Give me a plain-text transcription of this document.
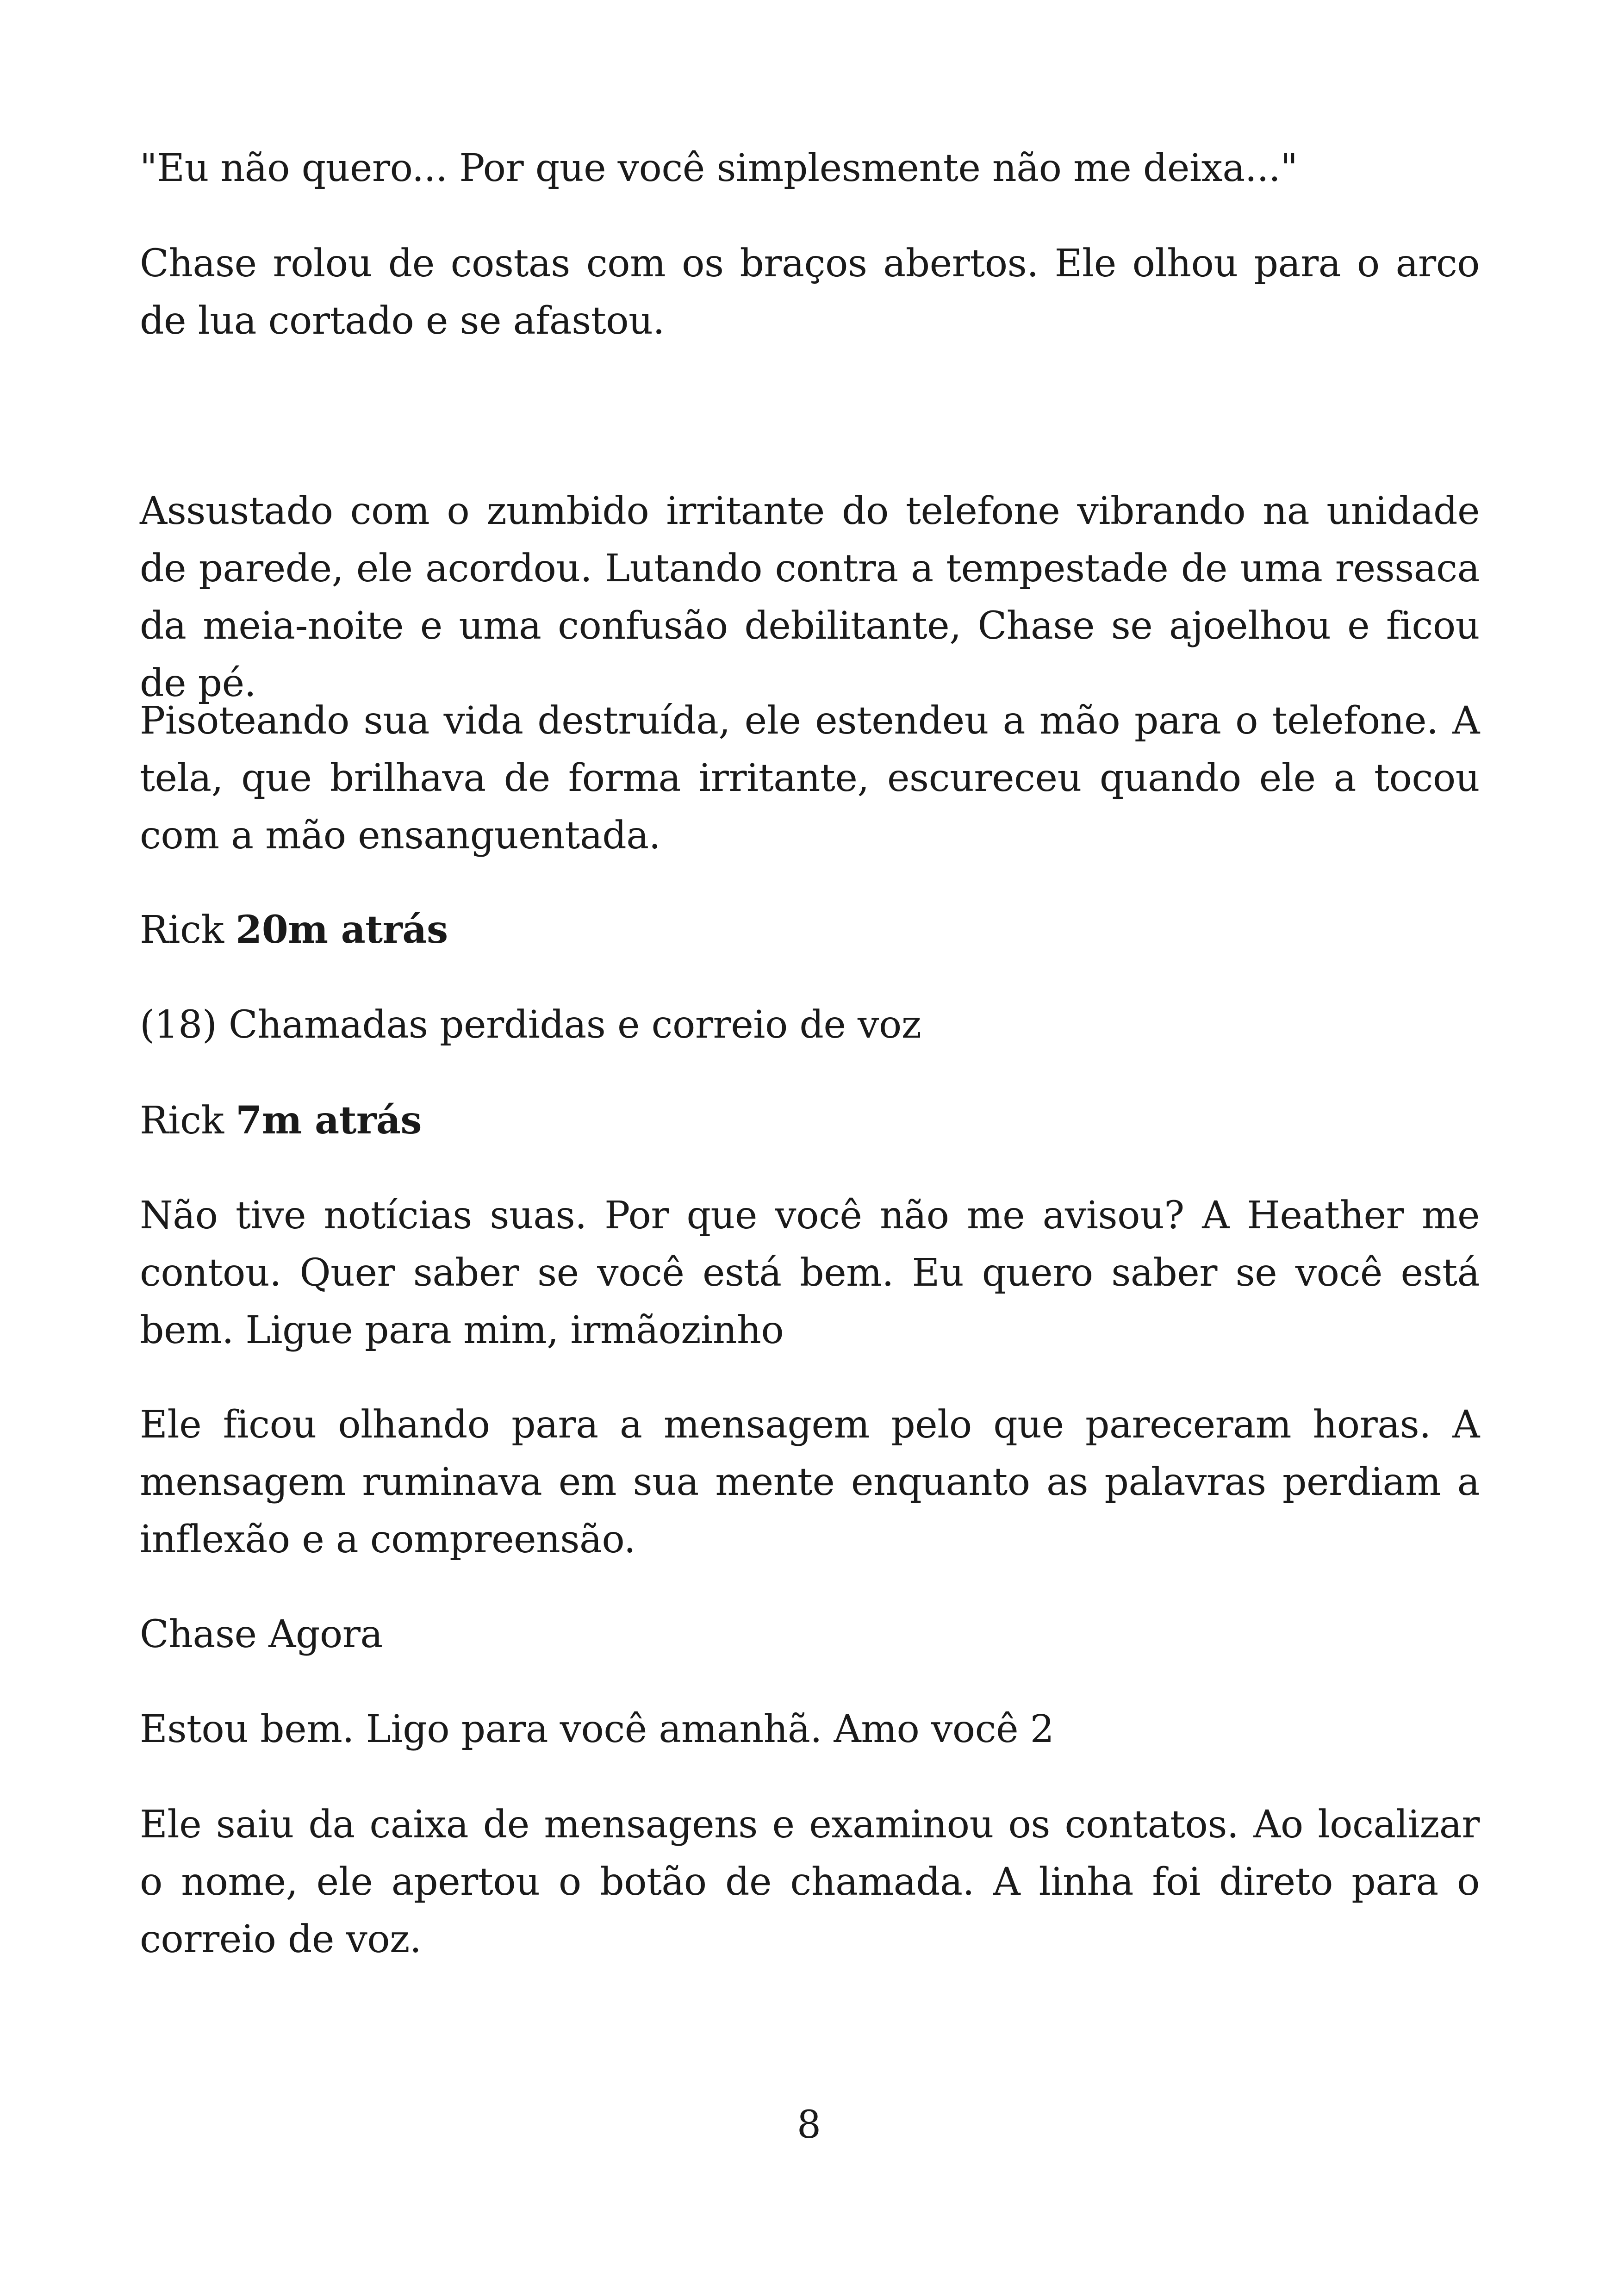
"Eu não quero... Por que você simplesmente não me deixa..."

Chase rolou de costas com os braços abertos. Ele olhou para o arco de lua cortado e se afastou.

Assustado com o zumbido irritante do telefone vibrando na unidade de parede, ele acordou. Lutando contra a tempestade de uma ressaca da meia-noite e uma confusão debilitante, Chase se ajoelhou e ficou de pé.

Pisoteando sua vida destruída, ele estendeu a mão para o telefone. A tela, que brilhava de forma irritante, escureceu quando ele a tocou com a mão ensanguentada.

Rick 20m atrás

(18) Chamadas perdidas e correio de voz

Rick 7m atrás

Não tive notícias suas. Por que você não me avisou? A Heather me contou. Quer saber se você está bem. Eu quero saber se você está bem. Ligue para mim, irmãozinho

Ele ficou olhando para a mensagem pelo que pareceram horas. A mensagem ruminava em sua mente enquanto as palavras perdiam a inflexão e a compreensão.

Chase Agora

Estou bem. Ligo para você amanhã. Amo você 2

Ele saiu da caixa de mensagens e examinou os contatos. Ao localizar o nome, ele apertou o botão de chamada. A linha foi direto para o correio de voz.

8
